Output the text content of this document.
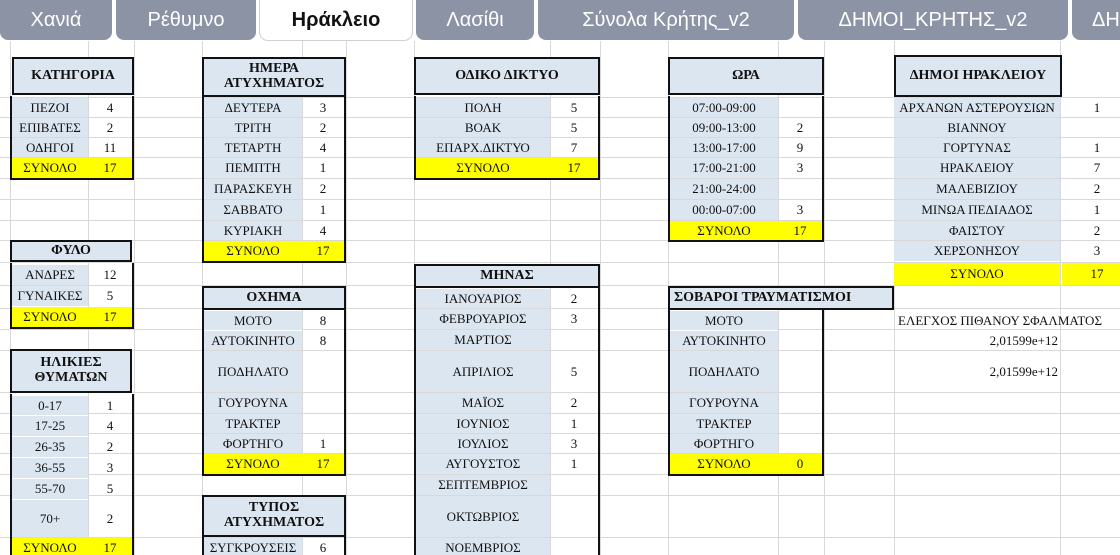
Χανιά	Ρέθυμνο	Ηράκλειο	Λασίθι	Σύνολα Κρήτης_v2	ΔΗΜΟΙ_ΚΡΗΤΗΣ_v2	ΔΗ
ΚΑΤΗΓΟΡΙΑ
ΠΕΖΟΙ	4
ΕΠΙΒΑΤΕΣ	2
ΟΔΗΓΟΙ	11
ΣΥΝΟΛΟ	17
ΦΥΛΟ
ΑΝΔΡΕΣ	12
ΓΥΝΑΙΚΕΣ	5
ΣΥΝΟΛΟ	17
ΗΛΙΚΙΕΣ ΘΥΜΑΤΩΝ
0-17	1
17-25	4
26-35	2
36-55	3
55-70	5
70+	2
ΣΥΝΟΛΟ	17
ΗΜΕΡΑ ΑΤΥΧΗΜΑΤΟΣ
ΔΕΥΤΕΡΑ	3
ΤΡΙΤΗ	2
ΤΕΤΑΡΤΗ	4
ΠΕΜΠΤΗ	1
ΠΑΡΑΣΚΕΥΗ	2
ΣΑΒΒΑΤΟ	1
ΚΥΡΙΑΚΗ	4
ΣΥΝΟΛΟ	17
ΟΧΗΜΑ
ΜΟΤΟ	8
ΑΥΤΟΚΙΝΗΤΟ	8
ΠΟΔΗΛΑΤΟ
ΓΟΥΡΟΥΝΑ
ΤΡΑΚΤΕΡ
ΦΟΡΤΗΓΟ	1
ΣΥΝΟΛΟ	17
ΤΥΠΟΣ ΑΤΥΧΗΜΑΤΟΣ
ΣΥΓΚΡΟΥΣΕΙΣ	6
ΟΔΙΚΟ ΔΙΚΤΥΟ
ΠΟΛΗ	5
ΒΟΑΚ	5
ΕΠΑΡΧ.ΔΙΚΤΥΟ	7
ΣΥΝΟΛΟ	17
ΜΗΝΑΣ
ΙΑΝΟΥΑΡΙΟΣ	2
ΦΕΒΡΟΥΑΡΙΟΣ	3
ΜΑΡΤΙΟΣ
ΑΠΡΙΛΙΟΣ	5
ΜΑΪΟΣ	2
ΙΟΥΝΙΟΣ	1
ΙΟΥΛΙΟΣ	3
ΑΥΓΟΥΣΤΟΣ	1
ΣΕΠΤΕΜΒΡΙΟΣ
ΟΚΤΩΒΡΙΟΣ
ΝΟΕΜΒΡΙΟΣ
ΩΡΑ
07:00-09:00
09:00-13:00	2
13:00-17:00	9
17:00-21:00	3
21:00-24:00
00:00-07:00	3
ΣΥΝΟΛΟ	17
ΣΟΒΑΡΟΙ ΤΡΑΥΜΑΤΙΣΜΟΙ
ΜΟΤΟ
ΑΥΤΟΚΙΝΗΤΟ
ΠΟΔΗΛΑΤΟ
ΓΟΥΡΟΥΝΑ
ΤΡΑΚΤΕΡ
ΦΟΡΤΗΓΟ
ΣΥΝΟΛΟ	0
ΔΗΜΟΙ ΗΡΑΚΛΕΙΟΥ
ΑΡΧΑΝΩΝ ΑΣΤΕΡΟΥΣΙΩΝ	1
ΒΙΑΝΝΟΥ
ΓΟΡΤΥΝΑΣ	1
ΗΡΑΚΛΕΙΟΥ	7
ΜΑΛΕΒΙΖΙΟΥ	2
ΜΙΝΩΑ ΠΕΔΙΑΔΟΣ	1
ΦΑΙΣΤΟΥ	2
ΧΕΡΣΟΝΗΣΟΥ	3
ΣΥΝΟΛΟ	17
ΕΛΕΓΧΟΣ ΠΙΘΑΝΟΥ ΣΦΑΛΜΑΤΟΣ
2,01599e+12
2,01599e+12
